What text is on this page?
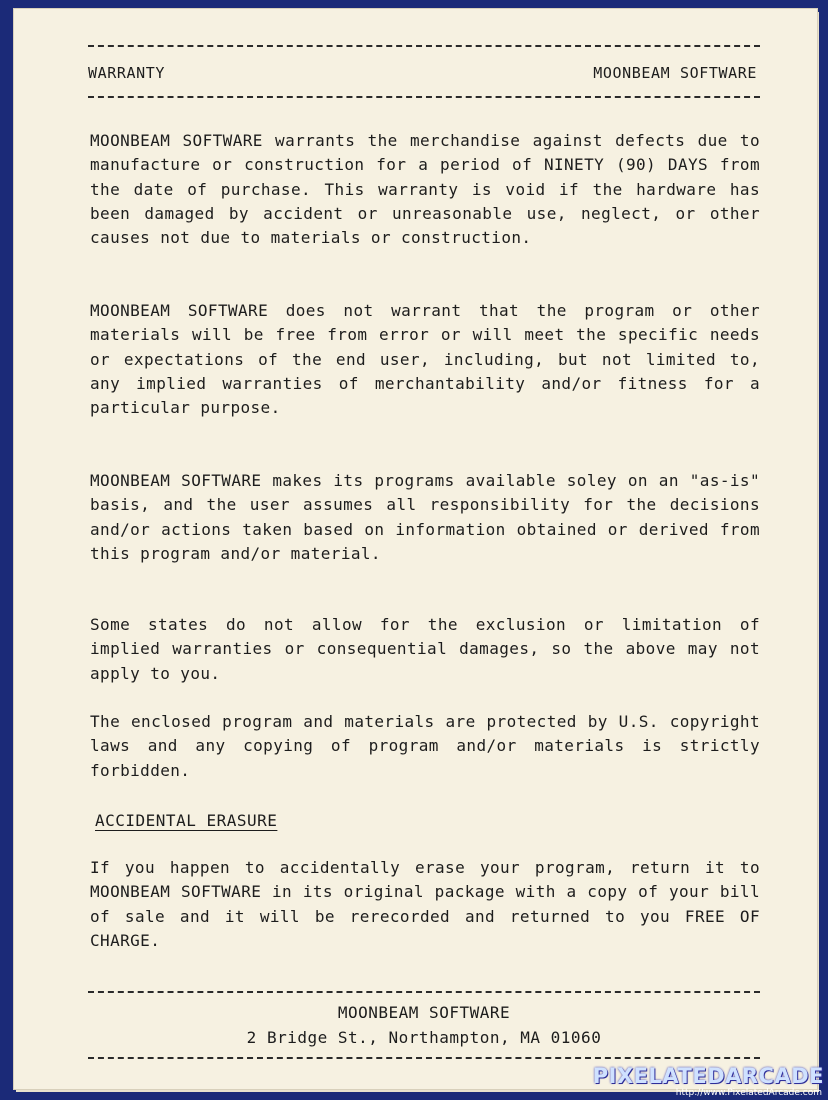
WARRANTY	MOONBEAM SOFTWARE

MOONBEAM SOFTWARE warrants the merchandise against defects due to manufacture or construction for a period of NINETY (90) DAYS from the date of purchase. This warranty is void if the hardware has been damaged by accident or unreasonable use, neglect, or other causes not due to materials or construction.

MOONBEAM SOFTWARE does not warrant that the program or other materials will be free from error or will meet the specific needs or expectations of the end user, including, but not limited to, any implied warranties of merchantability and/or fitness for a particular purpose.

MOONBEAM SOFTWARE makes its programs available soley on an "as-is" basis, and the user assumes all responsibility for the decisions and/or actions taken based on information obtained or derived from this program and/or material.

Some states do not allow for the exclusion or limitation of implied warranties or consequential damages, so the above may not apply to you.

The enclosed program and materials are protected by U.S. copyright laws and any copying of program and/or materials is strictly forbidden.

ACCIDENTAL ERASURE

If you happen to accidentally erase your program, return it to MOONBEAM SOFTWARE in its original package with a copy of your bill of sale and it will be rerecorded and returned to you FREE OF CHARGE.

MOONBEAM SOFTWARE
2 Bridge St., Northampton, MA 01060
PIXELATEDARCADE
http://www.PixelatedArcade.com
